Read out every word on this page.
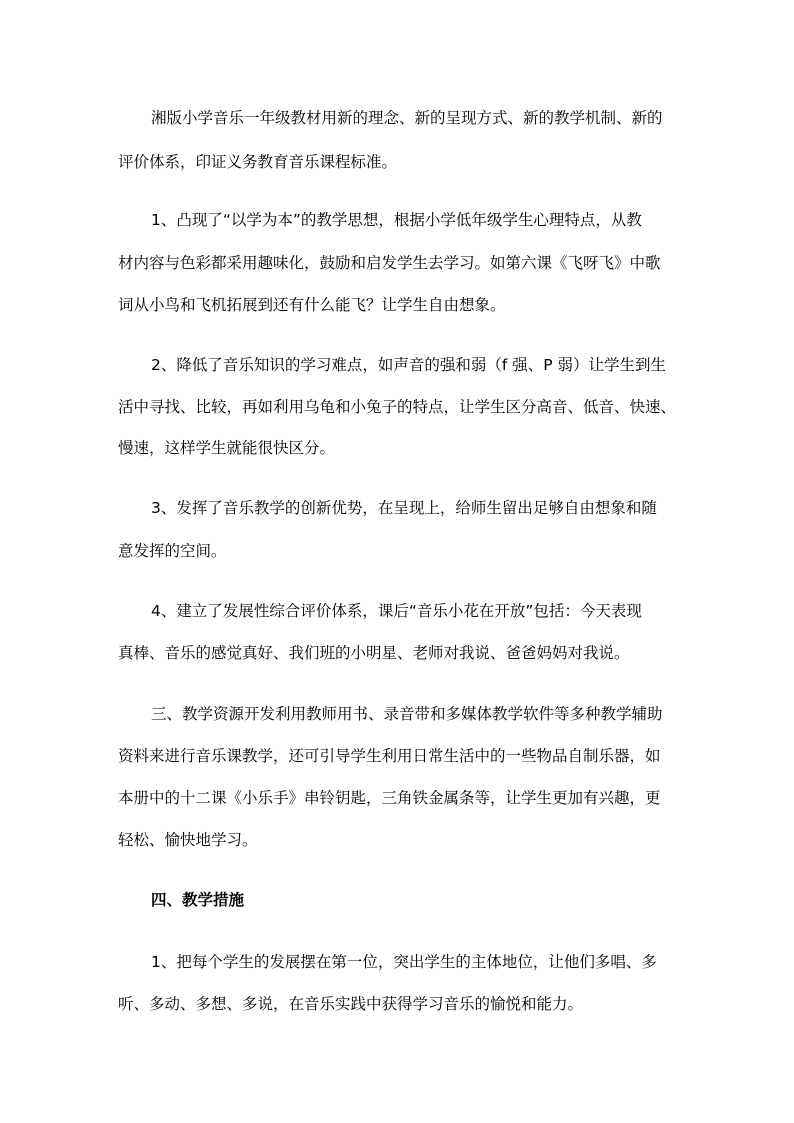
湘版小学音乐一年级教材用新的理念、新的呈现方式、新的教学机制、新的
评价体系，印证义务教育音乐课程标准。
1、凸现了“以学为本”的教学思想，根据小学低年级学生心理特点，从教
材内容与色彩都采用趣味化，鼓励和启发学生去学习。如第六课《飞呀飞》中歌
词从小鸟和飞机拓展到还有什么能飞？让学生自由想象。
2、降低了音乐知识的学习难点，如声音的强和弱（f 强、P 弱）让学生到生
活中寻找、比较，再如利用乌龟和小兔子的特点，让学生区分高音、低音、快速、
慢速，这样学生就能很快区分。
3、发挥了音乐教学的创新优势，在呈现上，给师生留出足够自由想象和随
意发挥的空间。
4、建立了发展性综合评价体系，课后“音乐小花在开放”包括：今天表现
真棒、音乐的感觉真好、我们班的小明星、老师对我说、爸爸妈妈对我说。
三、教学资源开发利用教师用书、录音带和多媒体教学软件等多种教学辅助
资料来进行音乐课教学，还可引导学生利用日常生活中的一些物品自制乐器，如
本册中的十二课《小乐手》串铃钥匙，三角铁金属条等，让学生更加有兴趣，更
轻松、愉快地学习。
四、教学措施
1、把每个学生的发展摆在第一位，突出学生的主体地位，让他们多唱、多
听、多动、多想、多说，在音乐实践中获得学习音乐的愉悦和能力。
